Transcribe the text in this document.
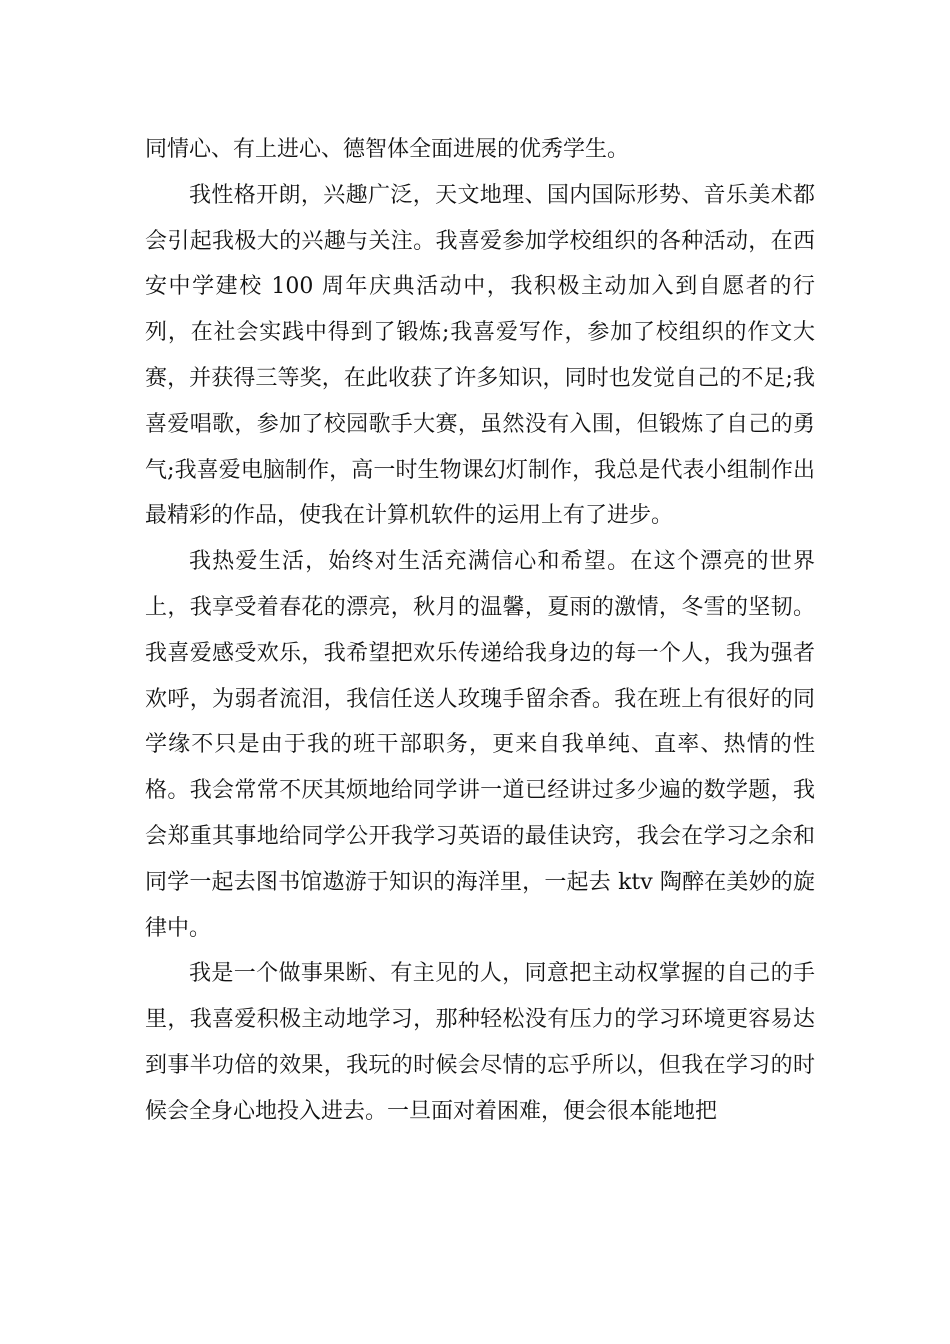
同情心、有上进心、德智体全面进展的优秀学生。

我性格开朗，兴趣广泛，天文地理、国内国际形势、音乐美术都会引起我极大的兴趣与关注。我喜爱参加学校组织的各种活动，在西安中学建校 100 周年庆典活动中，我积极主动加入到自愿者的行列，在社会实践中得到了锻炼;我喜爱写作，参加了校组织的作文大赛，并获得三等奖，在此收获了许多知识，同时也发觉自己的不足;我喜爱唱歌，参加了校园歌手大赛，虽然没有入围，但锻炼了自己的勇气;我喜爱电脑制作，高一时生物课幻灯制作，我总是代表小组制作出最精彩的作品，使我在计算机软件的运用上有了进步。

我热爱生活，始终对生活充满信心和希望。在这个漂亮的世界上，我享受着春花的漂亮，秋月的温馨，夏雨的激情，冬雪的坚韧。我喜爱感受欢乐，我希望把欢乐传递给我身边的每一个人，我为强者欢呼，为弱者流泪，我信任送人玫瑰手留余香。我在班上有很好的同学缘不只是由于我的班干部职务，更来自我单纯、直率、热情的性格。我会常常不厌其烦地给同学讲一道已经讲过多少遍的数学题，我会郑重其事地给同学公开我学习英语的最佳诀窍，我会在学习之余和同学一起去图书馆遨游于知识的海洋里，一起去 ktv 陶醉在美妙的旋律中。

我是一个做事果断、有主见的人，同意把主动权掌握的自己的手里，我喜爱积极主动地学习，那种轻松没有压力的学习环境更容易达到事半功倍的效果，我玩的时候会尽情的忘乎所以，但我在学习的时候会全身心地投入进去。一旦面对着困难，便会很本能地把
